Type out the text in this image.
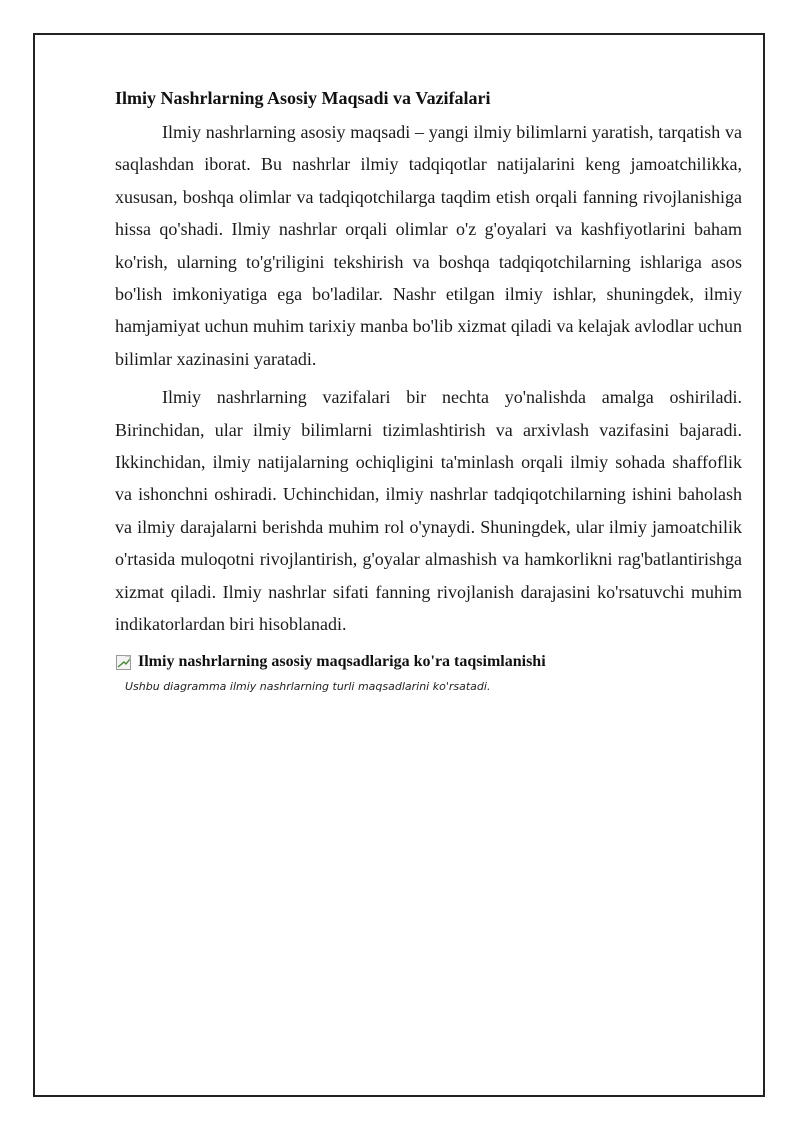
Ilmiy Nashrlarning Asosiy Maqsadi va Vazifalari

Ilmiy nashrlarning asosiy maqsadi – yangi ilmiy bilimlarni yaratish, tarqatish va saqlashdan iborat. Bu nashrlar ilmiy tadqiqotlar natijalarini keng jamoatchilikka, xususan, boshqa olimlar va tadqiqotchilarga taqdim etish orqali fanning rivojlanishiga hissa qo'shadi. Ilmiy nashrlar orqali olimlar o'z g'oyalari va kashfiyotlarini baham ko'rish, ularning to'g'riligini tekshirish va boshqa tadqiqotchilarning ishlariga asos bo'lish imkoniyatiga ega bo'ladilar. Nashr etilgan ilmiy ishlar, shuningdek, ilmiy hamjamiyat uchun muhim tarixiy manba bo'lib xizmat qiladi va kelajak avlodlar uchun bilimlar xazinasini yaratadi.

Ilmiy nashrlarning vazifalari bir nechta yo'nalishda amalga oshiriladi. Birinchidan, ular ilmiy bilimlarni tizimlashtirish va arxivlash vazifasini bajaradi. Ikkinchidan, ilmiy natijalarning ochiqligini ta'minlash orqali ilmiy sohada shaffoflik va ishonchni oshiradi. Uchinchidan, ilmiy nashrlar tadqiqotchilarning ishini baholash va ilmiy darajalarni berishda muhim rol o'ynaydi. Shuningdek, ular ilmiy jamoatchilik o'rtasida muloqotni rivojlantirish, g'oyalar almashish va hamkorlikni rag'batlantirishga xizmat qiladi. Ilmiy nashrlar sifati fanning rivojlanish darajasini ko'rsatuvchi muhim indikatorlardan biri hisoblanadi.

Ilmiy nashrlarning asosiy maqsadlariga ko'ra taqsimlanishi
Ushbu diagramma ilmiy nashrlarning turli maqsadlarini ko'rsatadi.
